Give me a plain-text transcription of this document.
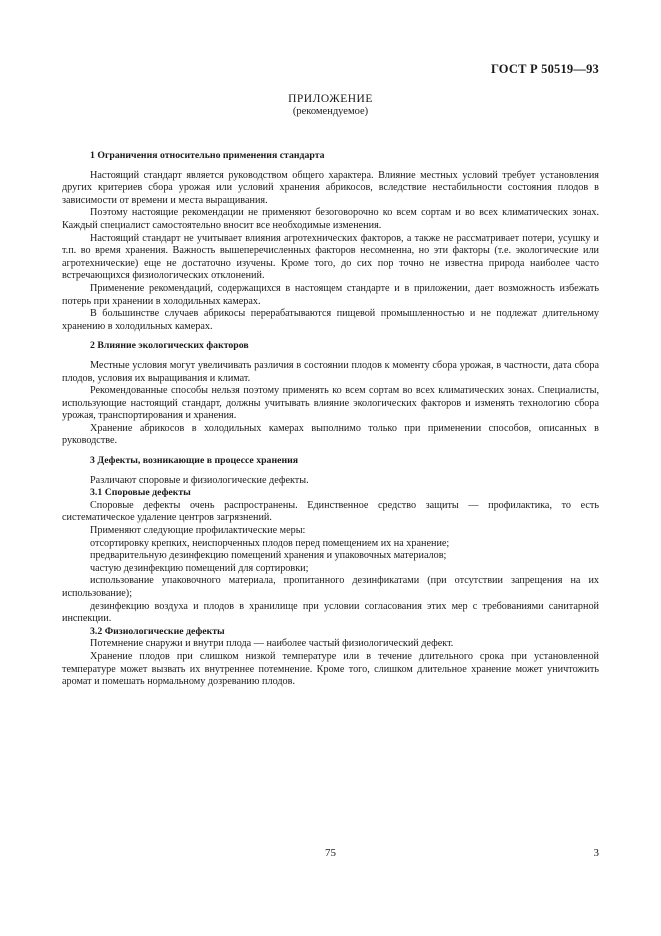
ГОСТ Р 50519—93
ПРИЛОЖЕНИЕ
(рекомендуемое)

1 Ограничения относительно применения стандарта

Настоящий стандарт является руководством общего характера. Влияние местных условий требует установления других критериев сбора урожая или условий хранения абрикосов, вследствие нестабильности состояния плодов в зависимости от времени и места выращивания.

Поэтому настоящие рекомендации не применяют безоговорочно ко всем сортам и во всех климатических зонах. Каждый специалист самостоятельно вносит все необходимые изменения.

Настоящий стандарт не учитывает влияния агротехнических факторов, а также не рассматривает потери, усушку и т.п. во время хранения. Важность вышеперечисленных факторов несомненна, но эти факторы (т.е. экологические или агротехнические) еще не достаточно изучены. Кроме того, до сих пор точно не известна природа наиболее часто встречающихся физиологических отклонений.

Применение рекомендаций, содержащихся в настоящем стандарте и в приложении, дает возможность избежать потерь при хранении в холодильных камерах.

В большинстве случаев абрикосы перерабатываются пищевой промышленностью и не подлежат длительному хранению в холодильных камерах.

2 Влияние экологических факторов

Местные условия могут увеличивать различия в состоянии плодов к моменту сбора урожая, в частности, дата сбора плодов, условия их выращивания и климат.

Рекомендованные способы нельзя поэтому применять ко всем сортам во всех климатических зонах. Специалисты, использующие настоящий стандарт, должны учитывать влияние экологических факторов и изменять технологию сбора урожая, транспортирования и хранения.

Хранение абрикосов в холодильных камерах выполнимо только при применении способов, описанных в руководстве.

3 Дефекты, возникающие в процессе хранения

Различают споровые и физиологические дефекты.

3.1 Споровые дефекты

Споровые дефекты очень распространены. Единственное средство защиты — профилактика, то есть систематическое удаление центров загрязнений.

Применяют следующие профилактические меры:

отсортировку крепких, неиспорченных плодов перед помещением их на хранение;

предварительную дезинфекцию помещений хранения и упаковочных материалов;

частую дезинфекцию помещений для сортировки;

использование упаковочного материала, пропитанного дезинфикатами (при отсутствии запрещения на их использование);

дезинфекцию воздуха и плодов в хранилище при условии согласования этих мер с требованиями санитарной инспекции.

3.2 Физиологические дефекты

Потемнение снаружи и внутри плода — наиболее частый физиологический дефект.

Хранение плодов при слишком низкой температуре или в течение длительного срока при установленной температуре может вызвать их внутреннее потемнение. Кроме того, слишком длительное хранение может уничтожить аромат и помешать нормальному дозреванию плодов.

75	3
